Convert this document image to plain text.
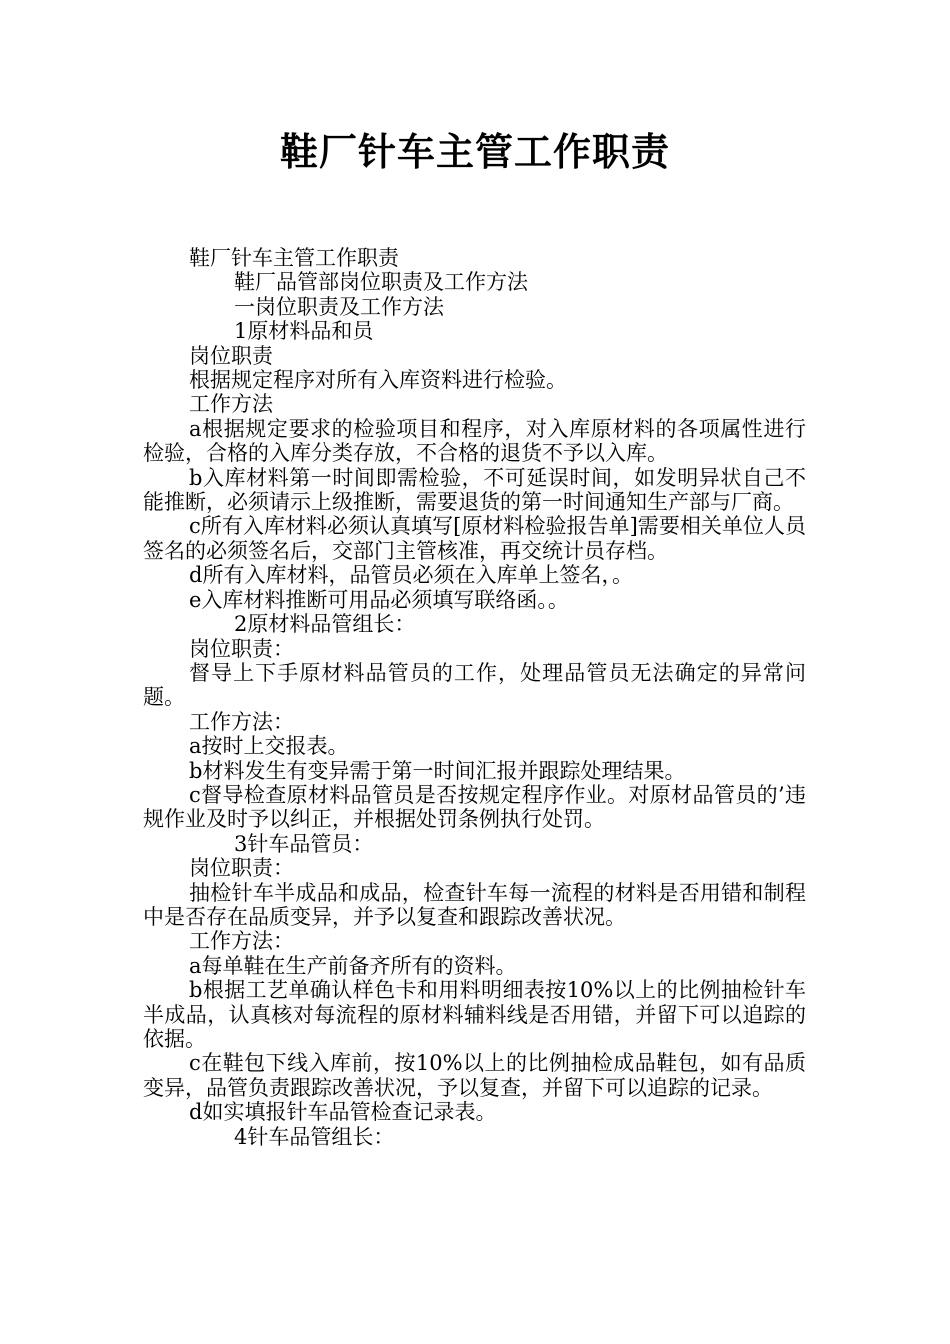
鞋厂针车主管工作职责

鞋厂针车主管工作职责

鞋厂品管部岗位职责及工作方法

一岗位职责及工作方法

1原材料品和员

岗位职责

根据规定程序对所有入库资料进行检验。

工作方法

a根据规定要求的检验项目和程序，对入库原材料的各项属性进行检验，合格的入库分类存放，不合格的退货不予以入库。

b入库材料第一时间即需检验，不可延误时间，如发明异状自己不能推断，必须请示上级推断，需要退货的第一时间通知生产部与厂商。

c所有入库材料必须认真填写[原材料检验报告单]需要相关单位人员签名的必须签名后，交部门主管核准，再交统计员存档。

d所有入库材料，品管员必须在入库单上签名，。

e入库材料推断可用品必须填写联络函。。

2原材料品管组长：

岗位职责：

督导上下手原材料品管员的工作，处理品管员无法确定的异常问题。

工作方法：

a按时上交报表。

b材料发生有变异需于第一时间汇报并跟踪处理结果。

c督导检查原材料品管员是否按规定程序作业。对原材品管员的’违规作业及时予以纠正，并根据处罚条例执行处罚。

3针车品管员：

岗位职责：

抽检针车半成品和成品，检查针车每一流程的材料是否用错和制程中是否存在品质变异，并予以复查和跟踪改善状况。

工作方法：

a每单鞋在生产前备齐所有的资料。

b根据工艺单确认样色卡和用料明细表按10%以上的比例抽检针车半成品，认真核对每流程的原材料辅料线是否用错，并留下可以追踪的依据。

c在鞋包下线入库前，按10%以上的比例抽检成品鞋包，如有品质变异，品管负责跟踪改善状况，予以复查，并留下可以追踪的记录。

d如实填报针车品管检查记录表。

4针车品管组长：
